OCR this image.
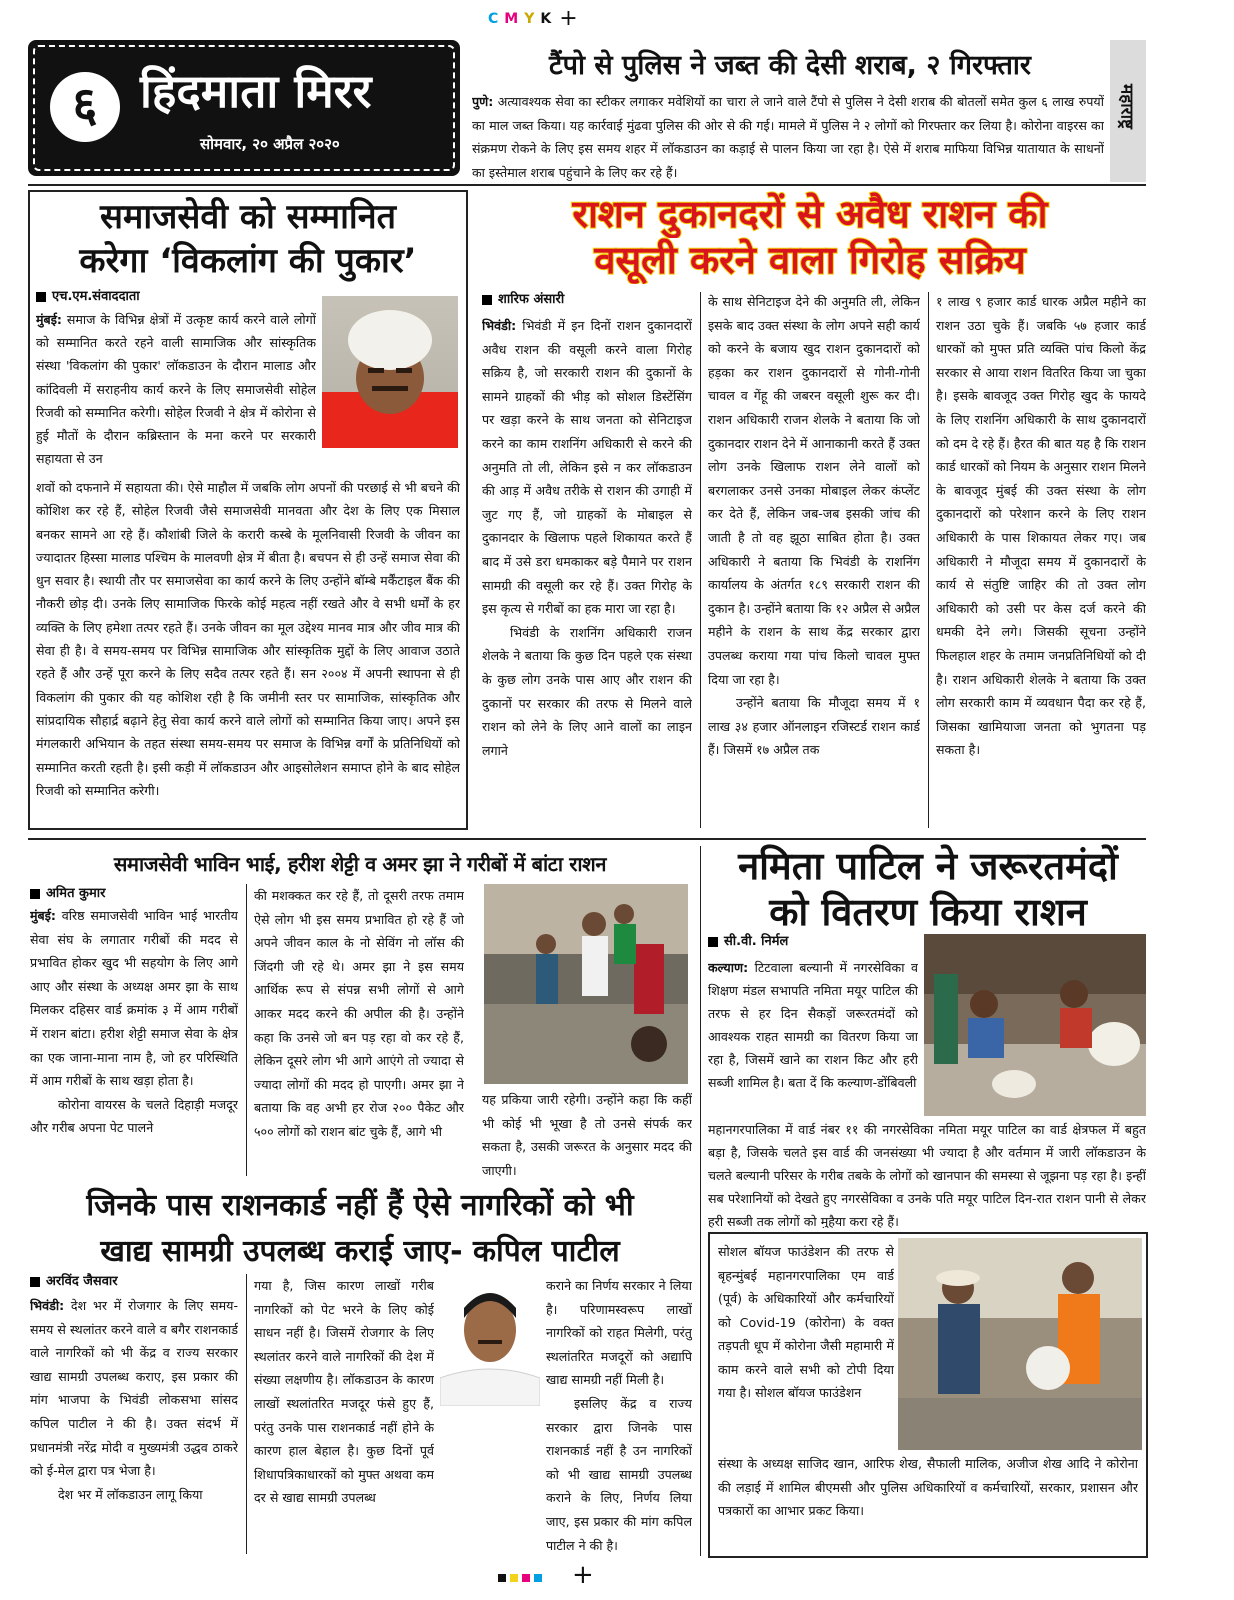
C M Y K +
६ हिंदमाता मिरर
सोमवार, २० अप्रैल २०२०
टैंपो से पुलिस ने जब्त की देसी शराब, २ गिरफ्तार
पुणे: अत्यावश्यक सेवा का स्टीकर लगाकर मवेशियों का चारा ले जाने वाले टैंपो से पुलिस ने देसी शराब की बोतलों समेत कुल ६ लाख रुपयों का माल जब्त किया। यह कार्रवाई मुंढवा पुलिस की ओर से की गई। मामले में पुलिस ने २ लोगों को गिरफ्तार कर लिया है। कोरोना वाइरस का संक्रमण रोकने के लिए इस समय शहर में लॉकडाउन का कड़ाई से पालन किया जा रहा है। ऐसे में शराब माफिया विभिन्न यातायात के साधनों का इस्तेमाल शराब पहुंचाने के लिए कर रहे हैं।
महाराष्ट्र
समाजसेवी को सम्मानित
करेगा ‘विकलांग की पुकार’
एच.एम.संवाददाता
मुंबई: समाज के विभिन्न क्षेत्रों में उत्कृष्ट कार्य करने वाले लोगों को सम्मानित करते रहने वाली सामाजिक और सांस्कृतिक संस्था 'विकलांग की पुकार' लॉकडाउन के दौरान मालाड और कांदिवली में सराहनीय कार्य करने के लिए समाजसेवी सोहेल रिजवी को सम्मानित करेगी। सोहेल रिजवी ने क्षेत्र में कोरोना से हुई मौतों के दौरान कब्रिस्तान के मना करने पर सरकारी सहायता से उन
शवों को दफनाने में सहायता की। ऐसे माहौल में जबकि लोग अपनों की परछाई से भी बचने की कोशिश कर रहे हैं, सोहेल रिजवी जैसे समाजसेवी मानवता और देश के लिए एक मिसाल बनकर सामने आ रहे हैं। कौशांबी जिले के करारी कस्बे के मूलनिवासी रिजवी के जीवन का ज्यादातर हिस्सा मालाड पश्चिम के मालवणी क्षेत्र में बीता है। बचपन से ही उन्हें समाज सेवा की धुन सवार है। स्थायी तौर पर समाजसेवा का कार्य करने के लिए उन्होंने बॉम्बे मर्कैंटाइल बैंक की नौकरी छोड़ दी। उनके लिए सामाजिक फिरके कोई महत्व नहीं रखते और वे सभी धर्मों के हर व्यक्ति के लिए हमेशा तत्पर रहते हैं। उनके जीवन का मूल उद्देश्य मानव मात्र और जीव मात्र की सेवा ही है। वे समय-समय पर विभिन्न सामाजिक और सांस्कृतिक मुद्दों के लिए आवाज उठाते रहते हैं और उन्हें पूरा करने के लिए सदैव तत्पर रहते हैं। सन २००४ में अपनी स्थापना से ही विकलांग की पुकार की यह कोशिश रही है कि जमीनी स्तर पर सामाजिक, सांस्कृतिक और सांप्रदायिक सौहार्द्र बढ़ाने हेतु सेवा कार्य करने वाले लोगों को सम्मानित किया जाए। अपने इस मंगलकारी अभियान के तहत संस्था समय-समय पर समाज के विभिन्न वर्गों के प्रतिनिधियों को सम्मानित करती रहती है। इसी कड़ी में लॉकडाउन और आइसोलेशन समाप्त होने के बाद सोहेल रिजवी को सम्मानित करेगी।
राशन दुकानदरों से अवैध राशन की
वसूली करने वाला गिरोह सक्रिय
शारिफ अंसारी

भिवंडी: भिवंडी में इन दिनों राशन दुकानदारों अवैध राशन की वसूली करने वाला गिरोह सक्रिय है, जो सरकारी राशन की दुकानों के सामने ग्राहकों की भीड़ को सोशल डिस्टेंसिंग पर खड़ा करने के साथ जनता को सेनिटाइज करने का काम राशनिंग अधिकारी से करने की अनुमति तो ली, लेकिन इसे न कर लॉकडाउन की आड़ में अवैध तरीके से राशन की उगाही में जुट गए हैं, जो ग्राहकों के मोबाइल से दुकानदार के खिलाफ पहले शिकायत करते हैं बाद में उसे डरा धमकाकर बड़े पैमाने पर राशन सामग्री की वसूली कर रहे हैं। उक्त गिरोह के इस कृत्य से गरीबों का हक मारा जा रहा है।

भिवंडी के राशनिंग अधिकारी राजन शेलके ने बताया कि कुछ दिन पहले एक संस्था के कुछ लोग उनके पास आए और राशन की दुकानों पर सरकार की तरफ से मिलने वाले राशन को लेने के लिए आने वालों का लाइन लगाने

के साथ सेनिटाइज देने की अनुमति ली, लेकिन इसके बाद उक्त संस्था के लोग अपने सही कार्य को करने के बजाय खुद राशन दुकानदारों को हड़का कर राशन दुकानदारों से गोनी-गोनी चावल व गेंहू की जबरन वसूली शुरू कर दी। राशन अधिकारी राजन शेलके ने बताया कि जो दुकानदार राशन देने में आनाकानी करते हैं उक्त लोग उनके खिलाफ राशन लेने वालों को बरगलाकर उनसे उनका मोबाइल लेकर कंप्लेंट कर देते हैं, लेकिन जब-जब इसकी जांच की जाती है तो वह झूठा साबित होता है। उक्त अधिकारी ने बताया कि भिवंडी के राशनिंग कार्यालय के अंतर्गत १८९ सरकारी राशन की दुकान है। उन्होंने बताया कि १२ अप्रैल से अप्रैल महीने के राशन के साथ केंद्र सरकार द्वारा उपलब्ध कराया गया पांच किलो चावल मुफ्त दिया जा रहा है।

उन्होंने बताया कि मौजूदा समय में १ लाख ३४ हजार ऑनलाइन रजिस्टर्ड राशन कार्ड हैं। जिसमें १७ अप्रैल तक

१ लाख ९ हजार कार्ड धारक अप्रैल महीने का राशन उठा चुके हैं। जबकि ५७ हजार कार्ड धारकों को मुफ्त प्रति व्यक्ति पांच किलो केंद्र सरकार से आया राशन वितरित किया जा चुका है। इसके बावजूद उक्त गिरोह खुद के फायदे के लिए राशनिंग अधिकारी के साथ दुकानदारों को दम दे रहे हैं। हैरत की बात यह है कि राशन कार्ड धारकों को नियम के अनुसार राशन मिलने के बावजूद मुंबई की उक्त संस्था के लोग दुकानदारों को परेशान करने के लिए राशन अधिकारी के पास शिकायत लेकर गए। जब अधिकारी ने मौजूदा समय में दुकानदारों के कार्य से संतुष्टि जाहिर की तो उक्त लोग अधिकारी को उसी पर केस दर्ज करने की धमकी देने लगे। जिसकी सूचना उन्होंने फिलहाल शहर के तमाम जनप्रतिनिधियों को दी है। राशन अधिकारी शेलके ने बताया कि उक्त लोग सरकारी काम में व्यवधान पैदा कर रहे हैं, जिसका खामियाजा जनता को भुगतना पड़ सकता है।
समाजसेवी भाविन भाई, हरीश शेट्टी व अमर झा ने गरीबों में बांटा राशन
अमित कुमार

मुंबई: वरिष्ठ समाजसेवी भाविन भाई भारतीय सेवा संघ के लगातार गरीबों की मदद से प्रभावित होकर खुद भी सहयोग के लिए आगे आए और संस्था के अध्यक्ष अमर झा के साथ मिलकर दहिसर वार्ड क्रमांक ३ में आम गरीबों में राशन बांटा। हरीश शेट्टी समाज सेवा के क्षेत्र का एक जाना-माना नाम है, जो हर परिस्थिति में आम गरीबों के साथ खड़ा होता है।

कोरोना वायरस के चलते दिहाड़ी मजदूर और गरीब अपना पेट पालने

की मशक्कत कर रहे हैं, तो दूसरी तरफ तमाम ऐसे लोग भी इस समय प्रभावित हो रहे हैं जो अपने जीवन काल के नो सेविंग नो लॉस की जिंदगी जी रहे थे। अमर झा ने इस समय आर्थिक रूप से संपन्न सभी लोगों से आगे आकर मदद करने की अपील की है। उन्होंने कहा कि उनसे जो बन पड़ रहा वो कर रहे हैं, लेकिन दूसरे लोग भी आगे आएंगे तो ज्यादा से ज्यादा लोगों की मदद हो पाएगी। अमर झा ने बताया कि वह अभी हर रोज २०० पैकेट और ५०० लोगों को राशन बांट चुके हैं, आगे भी
यह प्रकिया जारी रहेगी। उन्होंने कहा कि कहीं भी कोई भी भूखा है तो उनसे संपर्क कर सकता है, उसकी जरूरत के अनुसार मदद की जाएगी।
जिनके पास राशनकार्ड नहीं हैं ऐसे नागरिकों को भी
खाद्य सामग्री उपलब्ध कराई जाए- कपिल पाटील
अरविंद जैसवार

भिवंडी: देश भर में रोजगार के लिए समय-समय से स्थलांतर करने वाले व बगैर राशनकार्ड वाले नागरिकों को भी केंद्र व राज्य सरकार खाद्य सामग्री उपलब्ध कराए, इस प्रकार की मांग भाजपा के भिवंडी लोकसभा सांसद कपिल पाटील ने की है। उक्त संदर्भ में प्रधानमंत्री नरेंद्र मोदी व मुख्यमंत्री उद्धव ठाकरे को ई-मेल द्वारा पत्र भेजा है।

देश भर में लॉकडाउन लागू किया

गया है, जिस कारण लाखों गरीब नागरिकों को पेट भरने के लिए कोई साधन नहीं है। जिसमें रोजगार के लिए स्थलांतर करने वाले नागरिकों की देश में संख्या लक्षणीय है। लॉकडाउन के कारण लाखों स्थलांतरित मजदूर फंसे हुए हैं, परंतु उनके पास राशनकार्ड नहीं होने के कारण हाल बेहाल है। कुछ दिनों पूर्व शिधापत्रिकाधारकों को मुफ्त अथवा कम दर से खाद्य सामग्री उपलब्ध

कराने का निर्णय सरकार ने लिया है। परिणामस्वरूप लाखों नागरिकों को राहत मिलेगी, परंतु स्थलांतरित मजदूरों को अद्यापि खाद्य सामग्री नहीं मिली है।

इसलिए केंद्र व राज्य सरकार द्वारा जिनके पास राशनकार्ड नहीं है उन नागरिकों को भी खाद्य सामग्री उपलब्ध कराने के लिए, निर्णय लिया जाए, इस प्रकार की मांग कपिल पाटील ने की है।

नमिता पाटिल ने जरूरतमंदों
को वितरण किया राशन
सी.वी. निर्मल
कल्याण: टिटवाला बल्यानी में नगरसेविका व शिक्षण मंडल सभापति नमिता मयूर पाटिल की तरफ से हर दिन सैकड़ों जरूरतमंदों को आवश्यक राहत सामग्री का वितरण किया जा रहा है, जिसमें खाने का राशन किट और हरी सब्जी शामिल है। बता दें कि कल्याण-डोंबिवली
महानगरपालिका में वार्ड नंबर ११ की नगरसेविका नमिता मयूर पाटिल का वार्ड क्षेत्रफल में बहुत बड़ा है, जिसके चलते इस वार्ड की जनसंख्या भी ज्यादा है और वर्तमान में जारी लॉकडाउन के चलते बल्यानी परिसर के गरीब तबके के लोगों को खानपान की समस्या से जूझना पड़ रहा है। इन्हीं सब परेशानियों को देखते हुए नगरसेविका व उनके पति मयूर पाटिल दिन-रात राशन पानी से लेकर हरी सब्जी तक लोगों को मुहैया करा रहे हैं।
सोशल बॉयज फाउंडेशन की तरफ से बृहन्मुंबई महानगरपालिका एम वार्ड (पूर्व) के अधिकारियों और कर्मचारियों को Covid-19 (कोरोना) के वक्त तड़पती धूप में कोरोना जैसी महामारी में काम करने वाले सभी को टोपी दिया गया है। सोशल बॉयज फाउंडेशन
संस्था के अध्यक्ष साजिद खान, आरिफ शेख, सैफाली मालिक, अजीज शेख आदि ने कोरोना की लड़ाई में शामिल बीएमसी और पुलिस अधिकारियों व कर्मचारियों, सरकार, प्रशासन और पत्रकारों का आभार प्रकट किया।
+
